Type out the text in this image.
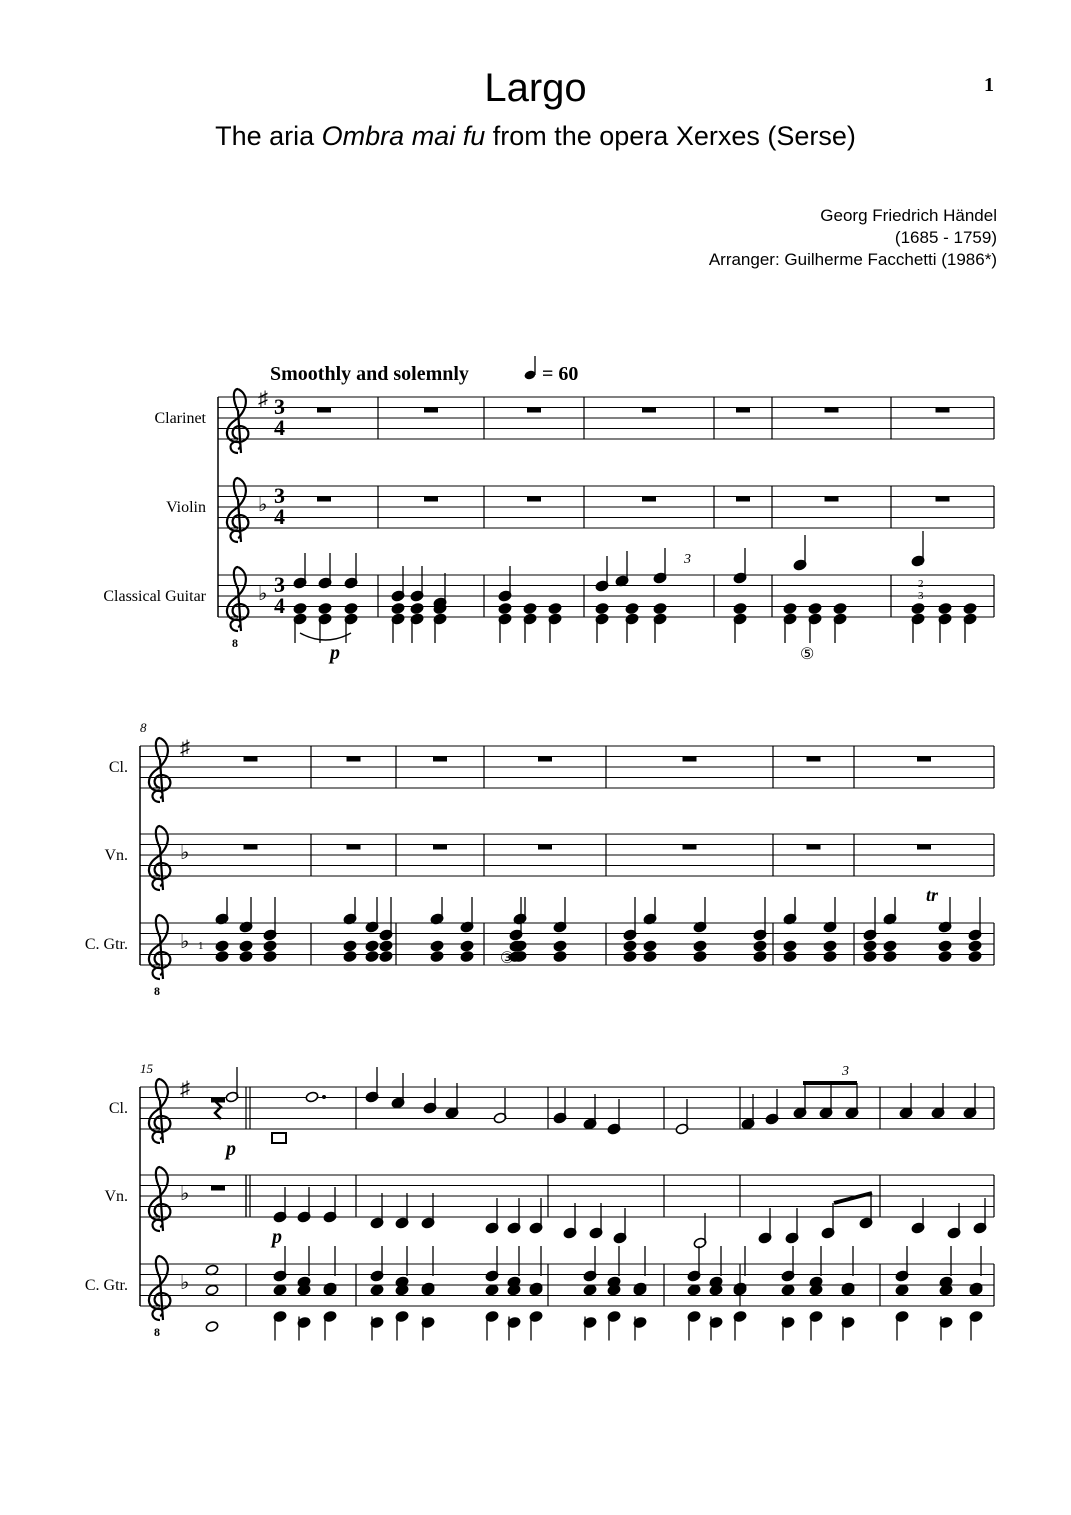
Largo
The aria Ombra mai fu from the opera Xerxes (Serse)
1
Georg Friedrich Händel
(1685 - 1759)
Arranger: Guilherme Facchetti (1986*)
Clarinet
♯ 3
4
Violin	♭ 3
4
Classical Guitar	♭ 3
4
8
Cl.
♯
Vn.	♭
C. Gtr.	♭
8
8
Cl.
♯
Vn.	♭
C. Gtr.	♭
8
15
Smoothly and solemnly	= 60
p
3
⑤
4
2
3
1
③
tr
p
3
p
